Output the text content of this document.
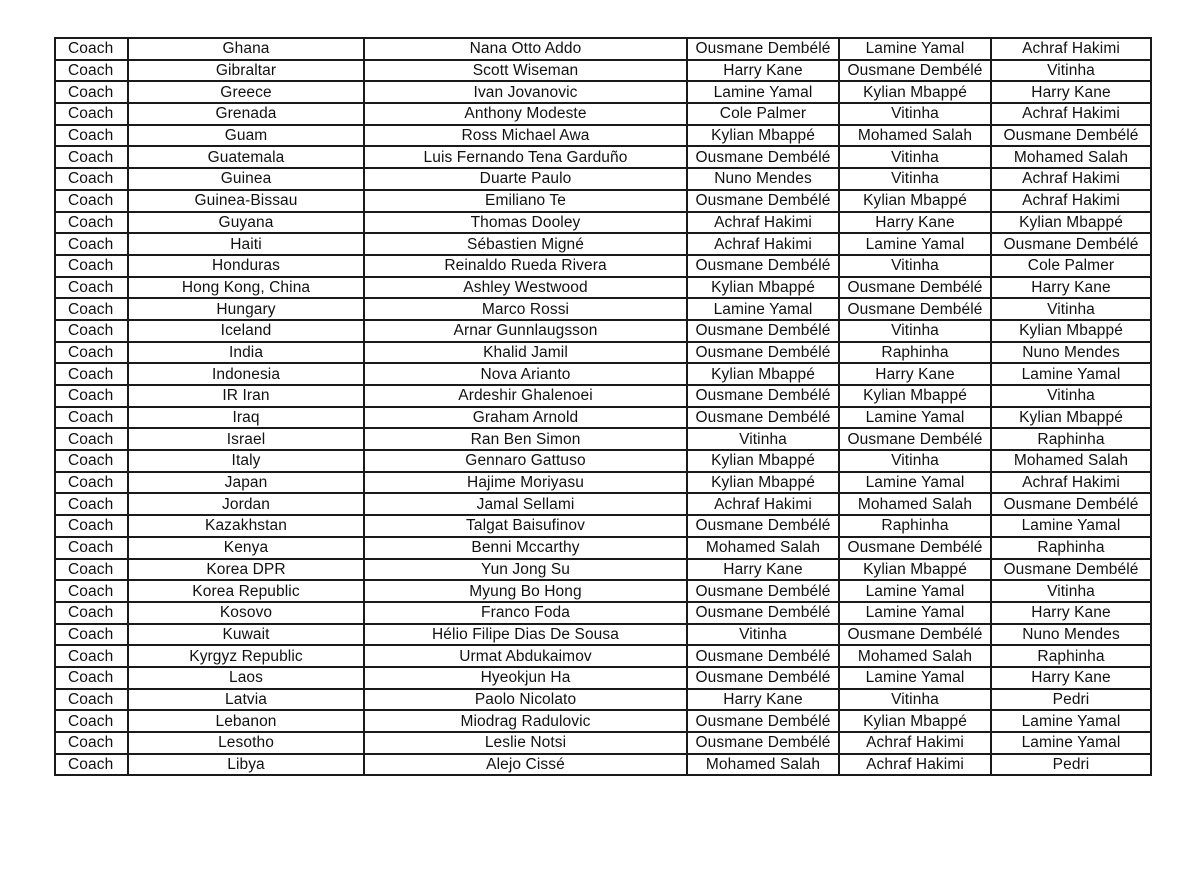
Coach	Ghana	Nana Otto Addo	Ousmane Dembélé	Lamine Yamal	Achraf Hakimi
Coach	Gibraltar	Scott Wiseman	Harry Kane	Ousmane Dembélé	Vitinha
Coach	Greece	Ivan Jovanovic	Lamine Yamal	Kylian Mbappé	Harry Kane
Coach	Grenada	Anthony Modeste	Cole Palmer	Vitinha	Achraf Hakimi
Coach	Guam	Ross Michael Awa	Kylian Mbappé	Mohamed Salah	Ousmane Dembélé
Coach	Guatemala	Luis Fernando Tena Garduño	Ousmane Dembélé	Vitinha	Mohamed Salah
Coach	Guinea	Duarte Paulo	Nuno Mendes	Vitinha	Achraf Hakimi
Coach	Guinea-Bissau	Emiliano Te	Ousmane Dembélé	Kylian Mbappé	Achraf Hakimi
Coach	Guyana	Thomas Dooley	Achraf Hakimi	Harry Kane	Kylian Mbappé
Coach	Haiti	Sébastien Migné	Achraf Hakimi	Lamine Yamal	Ousmane Dembélé
Coach	Honduras	Reinaldo Rueda Rivera	Ousmane Dembélé	Vitinha	Cole Palmer
Coach	Hong Kong, China	Ashley Westwood	Kylian Mbappé	Ousmane Dembélé	Harry Kane
Coach	Hungary	Marco Rossi	Lamine Yamal	Ousmane Dembélé	Vitinha
Coach	Iceland	Arnar Gunnlaugsson	Ousmane Dembélé	Vitinha	Kylian Mbappé
Coach	India	Khalid Jamil	Ousmane Dembélé	Raphinha	Nuno Mendes
Coach	Indonesia	Nova Arianto	Kylian Mbappé	Harry Kane	Lamine Yamal
Coach	IR Iran	Ardeshir Ghalenoei	Ousmane Dembélé	Kylian Mbappé	Vitinha
Coach	Iraq	Graham Arnold	Ousmane Dembélé	Lamine Yamal	Kylian Mbappé
Coach	Israel	Ran Ben Simon	Vitinha	Ousmane Dembélé	Raphinha
Coach	Italy	Gennaro Gattuso	Kylian Mbappé	Vitinha	Mohamed Salah
Coach	Japan	Hajime Moriyasu	Kylian Mbappé	Lamine Yamal	Achraf Hakimi
Coach	Jordan	Jamal Sellami	Achraf Hakimi	Mohamed Salah	Ousmane Dembélé
Coach	Kazakhstan	Talgat Baisufinov	Ousmane Dembélé	Raphinha	Lamine Yamal
Coach	Kenya	Benni Mccarthy	Mohamed Salah	Ousmane Dembélé	Raphinha
Coach	Korea DPR	Yun Jong Su	Harry Kane	Kylian Mbappé	Ousmane Dembélé
Coach	Korea Republic	Myung Bo Hong	Ousmane Dembélé	Lamine Yamal	Vitinha
Coach	Kosovo	Franco Foda	Ousmane Dembélé	Lamine Yamal	Harry Kane
Coach	Kuwait	Hélio Filipe Dias De Sousa	Vitinha	Ousmane Dembélé	Nuno Mendes
Coach	Kyrgyz Republic	Urmat Abdukaimov	Ousmane Dembélé	Mohamed Salah	Raphinha
Coach	Laos	Hyeokjun Ha	Ousmane Dembélé	Lamine Yamal	Harry Kane
Coach	Latvia	Paolo Nicolato	Harry Kane	Vitinha	Pedri
Coach	Lebanon	Miodrag Radulovic	Ousmane Dembélé	Kylian Mbappé	Lamine Yamal
Coach	Lesotho	Leslie Notsi	Ousmane Dembélé	Achraf Hakimi	Lamine Yamal
Coach	Libya	Alejo Cissé	Mohamed Salah	Achraf Hakimi	Pedri
